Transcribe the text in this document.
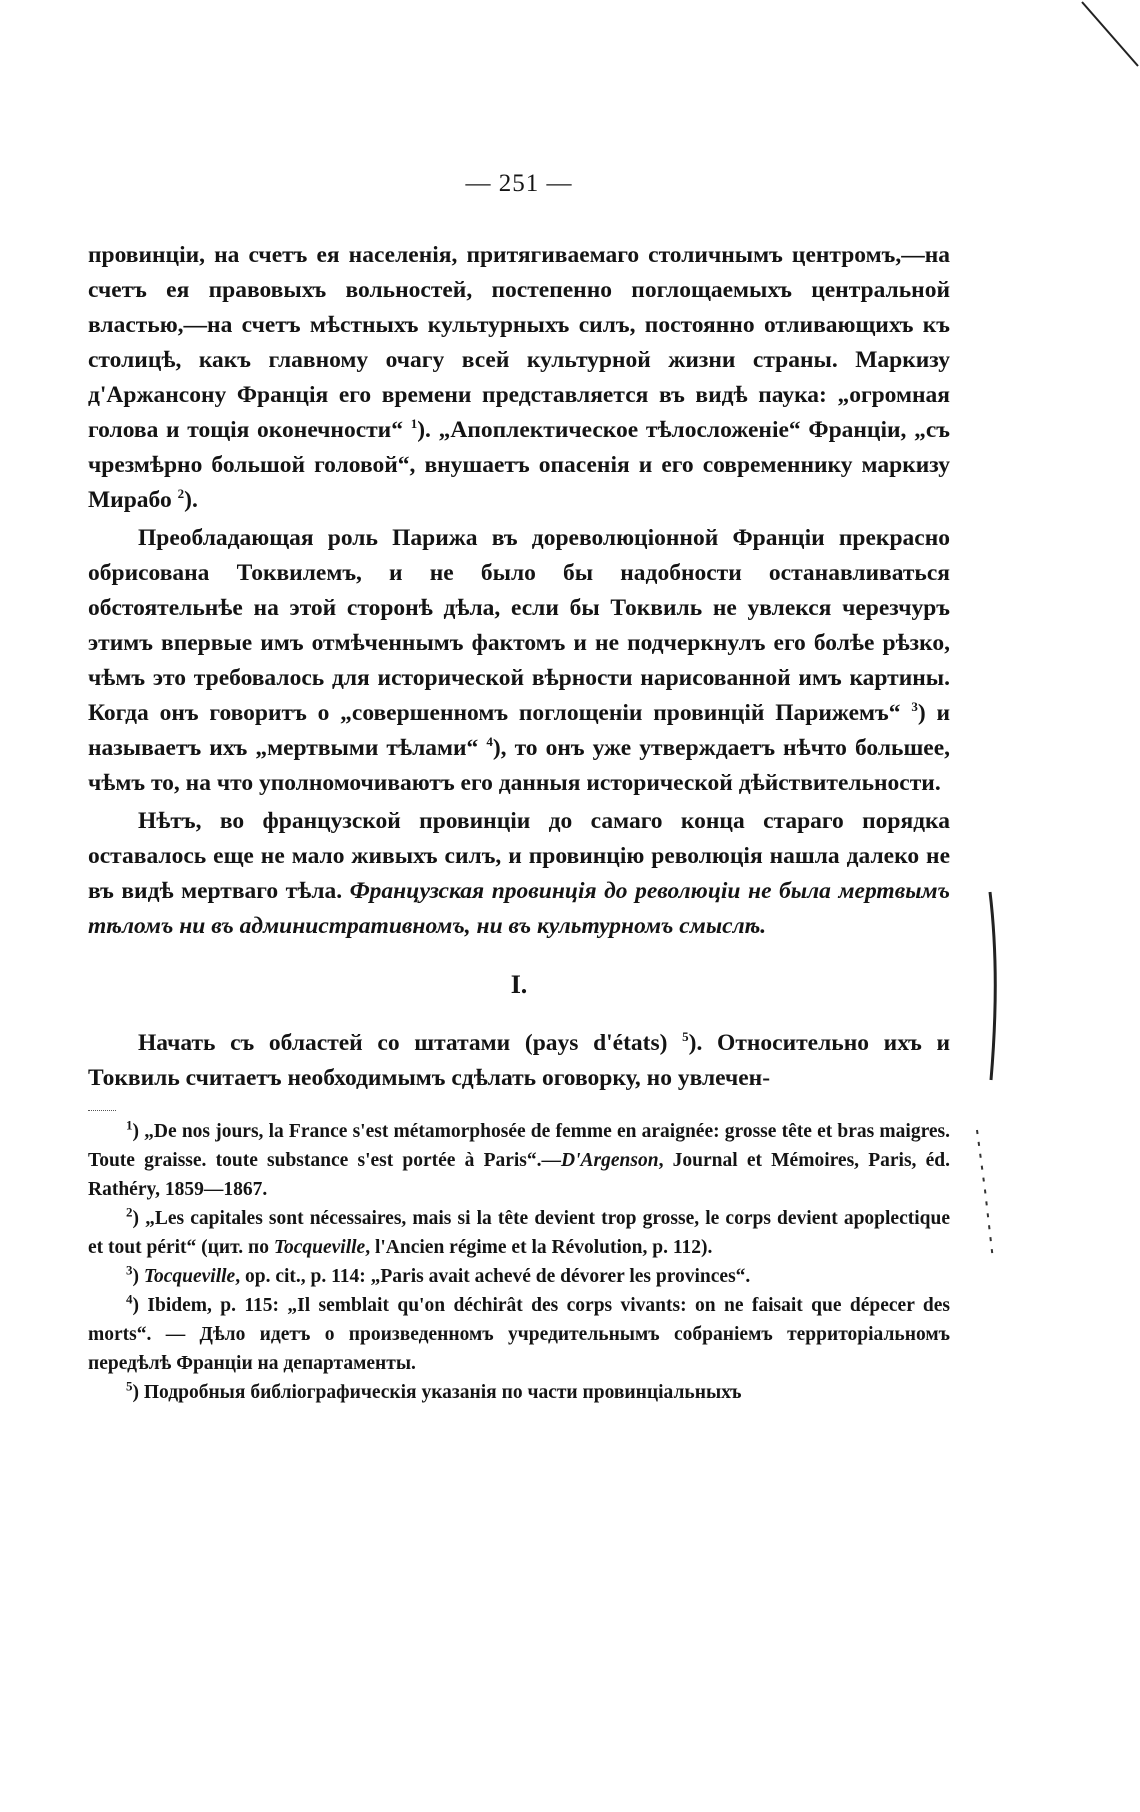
— 251 —

провинціи, на счетъ ея населенія, притягиваемаго столичнымъ центромъ,—на счетъ ея правовыхъ вольностей, постепенно поглощаемыхъ центральной властью,—на счетъ мѣстныхъ культурныхъ силъ, постоянно отливающихъ къ столицѣ, какъ главному очагу всей культурной жизни страны. Маркизу д'Аржансону Франція его времени представляется въ видѣ паука: „огромная голова и тощія оконечности“ $^1$). „Апоплектическое тѣлосложеніе“ Франціи, „съ чрезмѣрно большой головой“, внушаетъ опасенія и его современнику маркизу Мирабо $^2$).

Преобладающая роль Парижа въ дореволюціонной Франціи прекрасно обрисована Токвилемъ, и не было бы надобности останавливаться обстоятельнѣе на этой сторонѣ дѣла, если бы Токвиль не увлекся черезчуръ этимъ впервые имъ отмѣченнымъ фактомъ и не подчеркнулъ его болѣе рѣзко, чѣмъ это требовалось для исторической вѣрности нарисованной имъ картины. Когда онъ говоритъ о „совершенномъ поглощеніи провинцій Парижемъ“ $^3$) и называетъ ихъ „мертвыми тѣлами“ $^4$), то онъ уже утверждаетъ нѣчто большее, чѣмъ то, на что уполномочиваютъ его данныя исторической дѣйствительности.

Нѣтъ, во французской провинціи до самаго конца стараго порядка оставалось еще не мало живыхъ силъ, и провинцію революція нашла далеко не въ видѣ мертваго тѣла. Французская провинція до революціи не была мертвымъ тѣломъ ни въ административномъ, ни въ культурномъ смыслѣ.

I.

Начать съ областей со штатами (pays d'états) $^5$). Относительно ихъ и Токвиль считаетъ необходимымъ сдѣлать оговорку, но увлечен-

$^1$) „De nos jours, la France s'est métamorphosée de femme en araignée: grosse tête et bras maigres. Toute graisse. toute substance s'est portée à Paris“.—D'Argenson, Journal et Mémoires, Paris, éd. Rathéry, 1859—1867.

$^2$) „Les capitales sont nécessaires, mais si la tête devient trop grosse, le corps devient apoplectique et tout périt“ (цит. по Tocqueville, l'Ancien régime et la Révolution, p. 112).

$^3$) Tocqueville, op. cit., p. 114: „Paris avait achevé de dévorer les provinces“.

$^4$) Ibidem, p. 115: „Il semblait qu'on déchirât des corps vivants: on ne faisait que dépecer des morts“. — Дѣло идетъ о произведенномъ учредительнымъ собраніемъ территоріальномъ передѣлѣ Франціи на департаменты.

$^5$) Подробныя библіографическія указанія по части провинціальныхъ
